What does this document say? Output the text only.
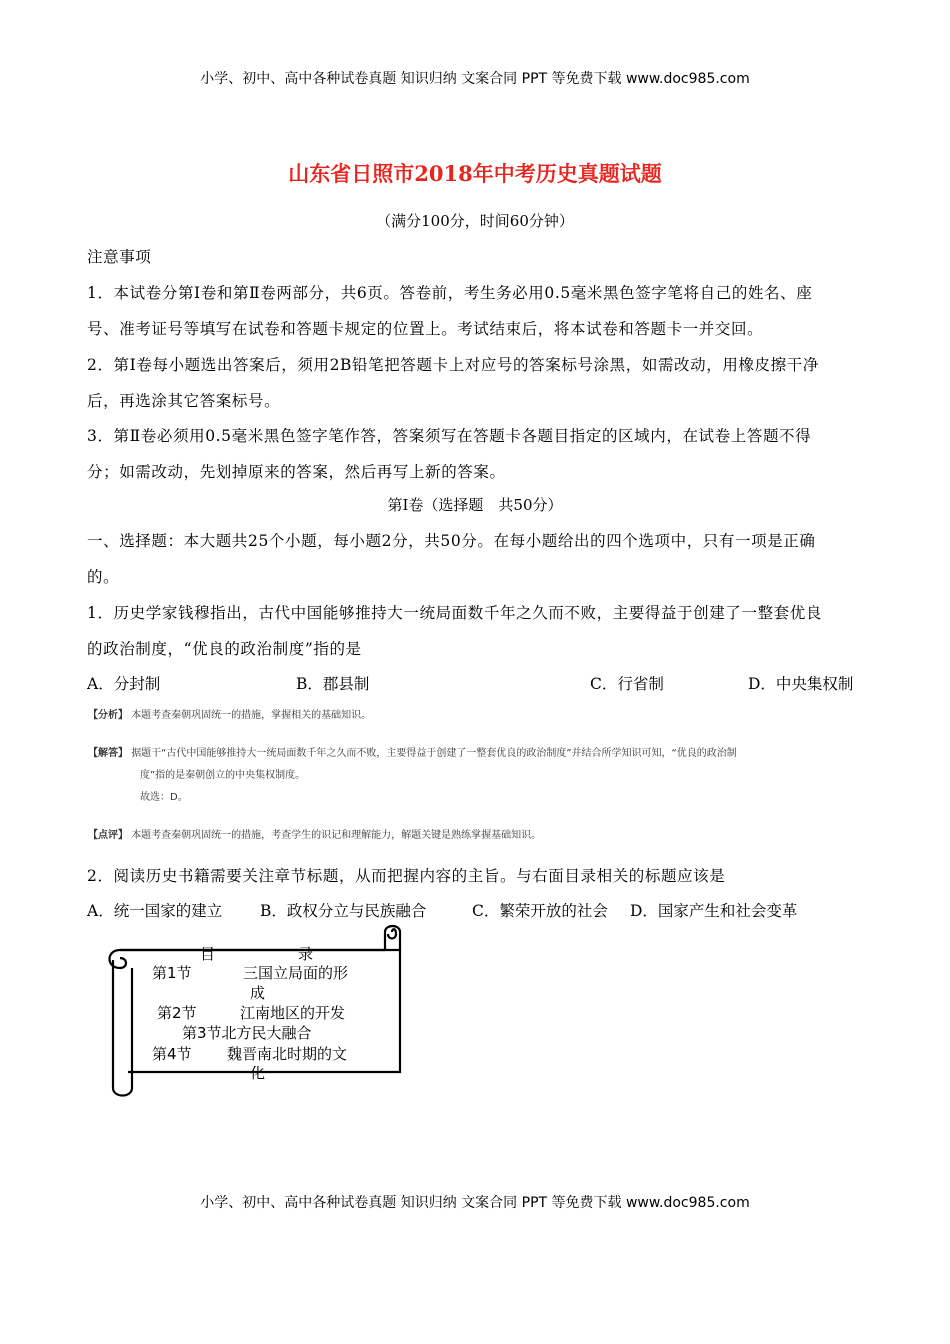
小学、初中、高中各种试卷真题 知识归纳 文案合同 PPT 等免费下载 www.doc985.com
山东省日照市2018年中考历史真题试题
（满分100分，时间60分钟）
注意事项
1．本试卷分第Ⅰ卷和第Ⅱ卷两部分，共6页。答卷前，考生务必用0.5毫米黑色签字笔将自己的姓名、座
号、准考证号等填写在试卷和答题卡规定的位置上。考试结束后，将本试卷和答题卡一并交回。
2．第Ⅰ卷每小题选出答案后，须用2B铅笔把答题卡上对应号的答案标号涂黑，如需改动，用橡皮擦干净
后，再选涂其它答案标号。
3．第Ⅱ卷必须用0.5毫米黑色签字笔作答，答案须写在答题卡各题目指定的区域内，在试卷上答题不得
分；如需改动，先划掉原来的答案，然后再写上新的答案。
第Ⅰ卷（选择题　共50分）
一、选择题：本大题共25个小题，每小题2分，共50分。在每小题给出的四个选项中，只有一项是正确
的。
1．历史学家钱穆指出，古代中国能够推持大一统局面数千年之久而不败，主要得益于创建了一整套优良
的政治制度，“优良的政治制度”指的是
A．分封制	B．郡县制	C．行省制	D．中央集权制
【分析】 本题考查秦朝巩固统一的措施，掌握相关的基础知识。
【解答】 据题干“古代中国能够推持大一统局面数千年之久而不败，主要得益于创建了一整套优良的政治制度”并结合所学知识可知，“优良的政治制
度”指的是秦朝创立的中央集权制度。
故选：D。
【点评】 本题考查秦朝巩固统一的措施，考查学生的识记和理解能力，解题关键是熟练掌握基础知识。
2．阅读历史书籍需要关注章节标题，从而把握内容的主旨。与右面目录相关的标题应该是
A．统一国家的建立 B．政权分立与民族融合	C．繁荣开放的社会 D．国家产生和社会变革
目	录
第1节	三国立局面的形
成
第2节	江南地区的开发
第3节北方民大融合
第4节 魏晋南北时期的文
化
小学、初中、高中各种试卷真题 知识归纳 文案合同 PPT 等免费下载 www.doc985.com
